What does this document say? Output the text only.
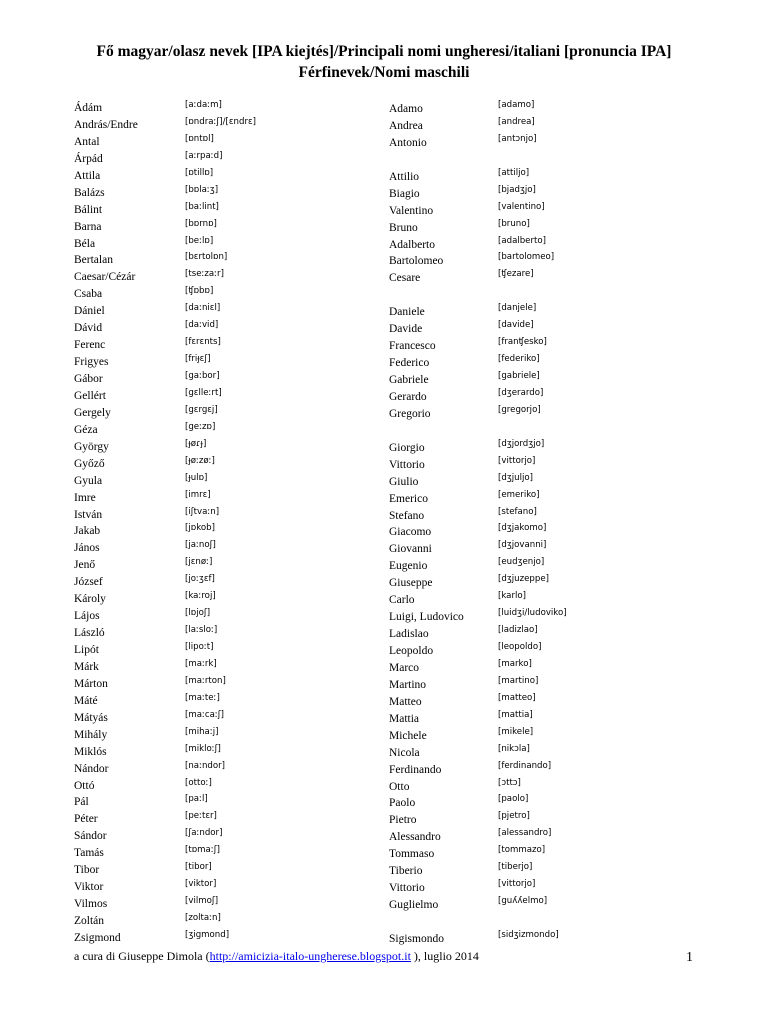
Fő magyar/olasz nevek [IPA kiejtés]/Principali nomi ungheresi/italiani [pronuncia IPA]
Férfinevek/Nomi maschili
Ádám	[aːdaːm]	Adamo	[adamo]
András/Endre	[ɒndraːʃ]/[ɛndrɛ]	Andrea	[andrea]
Antal	[ɒntɒl]	Antonio	[antɔnjo]
Árpád	[aːrpaːd]
Attila	[ɒtillɒ]	Attilio	[attiljo]
Balázs	[bɒlaːʒ]	Biagio	[bjadʒjo]
Bálint	[baːlint]	Valentino	[valentino]
Barna	[bɒrnɒ]	Bruno	[bruno]
Béla	[beːlɒ]	Adalberto	[adalberto]
Bertalan	[bɛrtolɒn]	Bartolomeo	[bartolomeo]
Caesar/Cézár	[tseːzaːr]	Cesare	[ʧezare]
Csaba	[ʧɒbɒ]
Dániel	[daːniɛl]	Daniele	[danjele]
Dávid	[daːvid]	Davide	[davide]
Ferenc	[fɛrɛnts]	Francesco	[franʧesko]
Frigyes	[friɟɛʃ]	Federico	[federiko]
Gábor	[gaːbor]	Gabriele	[gabriele]
Gellért	[gɛlleːrt]	Gerardo	[dʒerardo]
Gergely	[gɛrgɛj]	Gregorio	[gregorjo]
Géza	[geːzɒ]
György	[ɟøɾɟ]	Giorgio	[dʒjordʒjo]
Győző	[ɟøːzøː]	Vittorio	[vittorjo]
Gyula	[ɟulɒ]	Giulio	[dʒjuljo]
Imre	[imrɛ]	Emerico	[emeriko]
István	[iʃtvaːn]	Stefano	[stefano]
Jakab	[jɒkob]	Giacomo	[dʒjakomo]
János	[jaːnoʃ]	Giovanni	[dʒjovanni]
Jenő	[jɛnøː]	Eugenio	[eudʒenjo]
József	[joːʒɛf]	Giuseppe	[dʒjuzeppe]
Károly	[kaːroj]	Carlo	[karlo]
Lájos	[lɒjoʃ]	Luigi, Ludovico	[luidʒi/ludoviko]
László	[laːsloː]	Ladislao	[ladizlao]
Lipót	[lipoːt]	Leopoldo	[leopoldo]
Márk	[maːrk]	Marco	[marko]
Márton	[maːrton]	Martino	[martino]
Máté	[maːteː]	Matteo	[matteo]
Mátyás	[maːcaːʃ]	Mattia	[mattia]
Mihály	[mihaːj]	Michele	[mikele]
Miklós	[mikloːʃ]	Nicola	[nikɔla]
Nándor	[naːndor]	Ferdinando	[ferdinando]
Ottó	[ottoː]	Otto	[ɔttɔ]
Pál	[paːl]	Paolo	[paolo]
Péter	[peːtɛr]	Pietro	[pjetro]
Sándor	[ʃaːndor]	Alessandro	[alessandro]
Tamás	[tɒmaːʃ]	Tommaso	[tommazo]
Tibor	[tibor]	Tiberio	[tiberjo]
Viktor	[viktor]	Vittorio	[vittorjo]
Vilmos	[vilmoʃ]	Guglielmo	[guʎʎelmo]
Zoltán	[zoltaːn]
Zsigmond	[ʒigmond]	Sigismondo	[sidʒizmondo]
a cura di Giuseppe Dimola (http://amicizia-italo-ungherese.blogspot.it ), luglio 2014	1
